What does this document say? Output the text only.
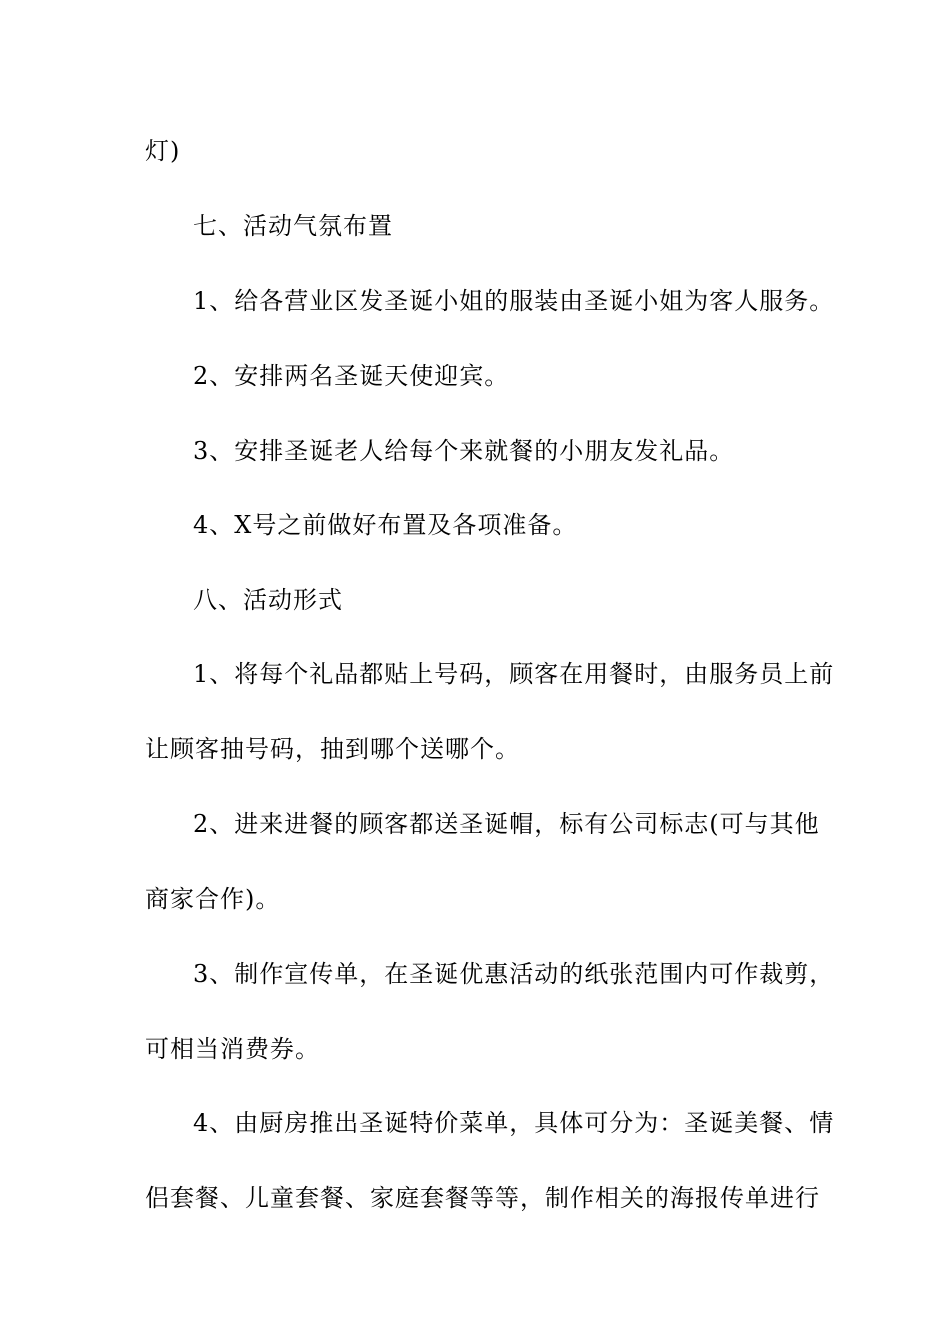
灯)
七、活动气氛布置
1、给各营业区发圣诞小姐的服装由圣诞小姐为客人服务。
2、安排两名圣诞天使迎宾。
3、安排圣诞老人给每个来就餐的小朋友发礼品。
4、X号之前做好布置及各项准备。
八、活动形式
1、将每个礼品都贴上号码，顾客在用餐时，由服务员上前
让顾客抽号码，抽到哪个送哪个。
2、进来进餐的顾客都送圣诞帽，标有公司标志(可与其他
商家合作)。
3、制作宣传单，在圣诞优惠活动的纸张范围内可作裁剪，
可相当消费券。
4、由厨房推出圣诞特价菜单，具体可分为：圣诞美餐、情
侣套餐、儿童套餐、家庭套餐等等，制作相关的海报传单进行
